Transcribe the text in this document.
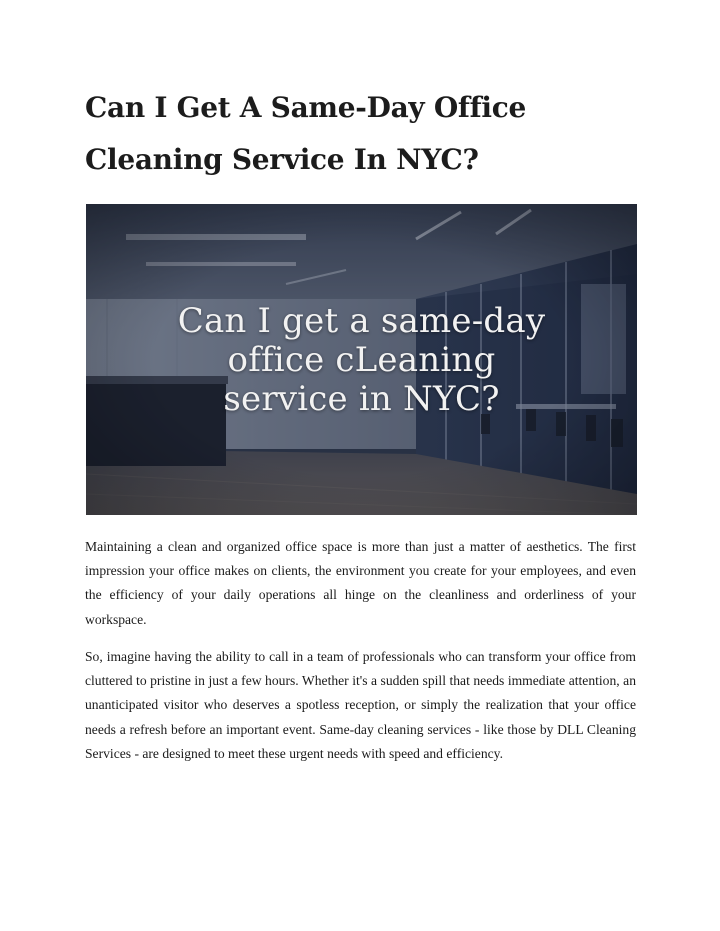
Can I Get A Same-Day Office Cleaning Service In NYC?
Can I get a same-day
office cLeaning
service in NYC?

Maintaining a clean and organized office space is more than just a matter of aesthetics. The first impression your office makes on clients, the environment you create for your employees, and even the efficiency of your daily operations all hinge on the cleanliness and orderliness of your workspace.

So, imagine having the ability to call in a team of professionals who can transform your office from cluttered to pristine in just a few hours. Whether it's a sudden spill that needs immediate attention, an unanticipated visitor who deserves a spotless reception, or simply the realization that your office needs a refresh before an important event. Same-day cleaning services - like those by DLL Cleaning Services - are designed to meet these urgent needs with speed and efficiency.
